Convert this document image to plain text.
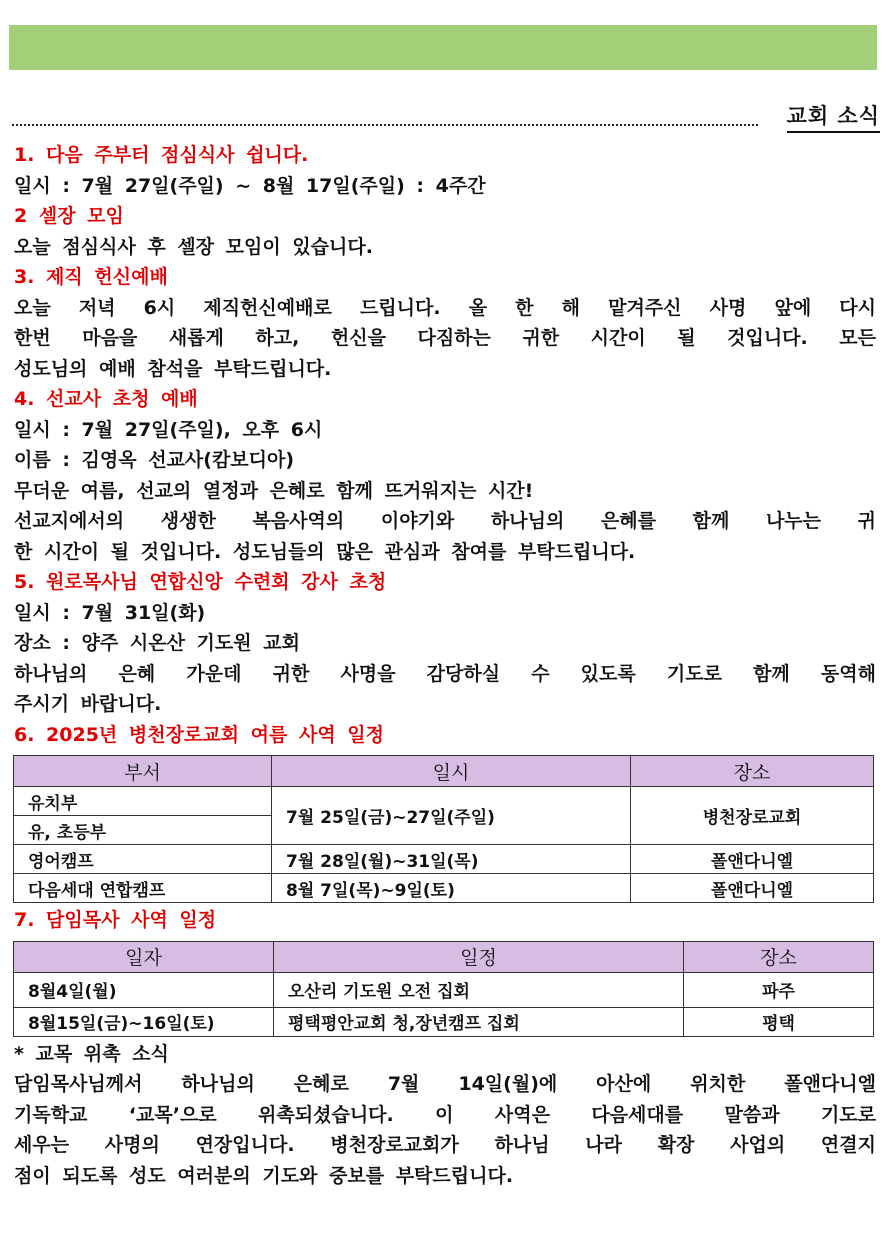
교회 소식
1. 다음 주부터 점심식사 쉽니다.
일시 : 7월 27일(주일) ~ 8월 17일(주일) : 4주간
2 셀장 모임
오늘 점심식사 후 셀장 모임이 있습니다.
3. 제직 헌신예배
오늘 저녁 6시 제직헌신예배로 드립니다. 올 한 해 맡겨주신 사명 앞에 다시
한번 마음을 새롭게 하고, 헌신을 다짐하는 귀한 시간이 될 것입니다. 모든
성도님의 예배 참석을 부탁드립니다.
4. 선교사 초청 예배
일시 : 7월 27일(주일), 오후 6시
이름 : 김영옥 선교사(캄보디아)
무더운 여름, 선교의 열정과 은혜로 함께 뜨거워지는 시간!
선교지에서의 생생한 복음사역의 이야기와 하나님의 은혜를 함께 나누는 귀
한 시간이 될 것입니다. 성도님들의 많은 관심과 참여를 부탁드립니다.
5. 원로목사님 연합신앙 수련회 강사 초청
일시 : 7월 31일(화)
장소 : 양주 시온산 기도원 교회
하나님의 은혜 가운데 귀한 사명을 감당하실 수 있도록 기도로 함께 동역해
주시기 바랍니다.
6. 2025년 병천장로교회 여름 사역 일정
부서	일시	장소
유치부	7월 25일(금)~27일(주일)	병천장로교회
유, 초등부		
영어캠프	7월 28일(월)~31일(목)	폴앤다니엘
다음세대 연합캠프	8월 7일(목)~9일(토)	폴앤다니엘
7. 담임목사 사역 일정
일자	일정	장소
8월4일(월)	오산리 기도원 오전 집회	파주
8월15일(금)~16일(토)	평택평안교회 청,장년캠프 집회	평택
* 교목 위촉 소식
담임목사님께서 하나님의 은혜로 7월 14일(월)에 아산에 위치한 폴앤다니엘
기독학교 ‘교목’으로 위촉되셨습니다. 이 사역은 다음세대를 말씀과 기도로
세우는 사명의 연장입니다. 병천장로교회가 하나님 나라 확장 사업의 연결지
점이 되도록 성도 여러분의 기도와 중보를 부탁드립니다.
